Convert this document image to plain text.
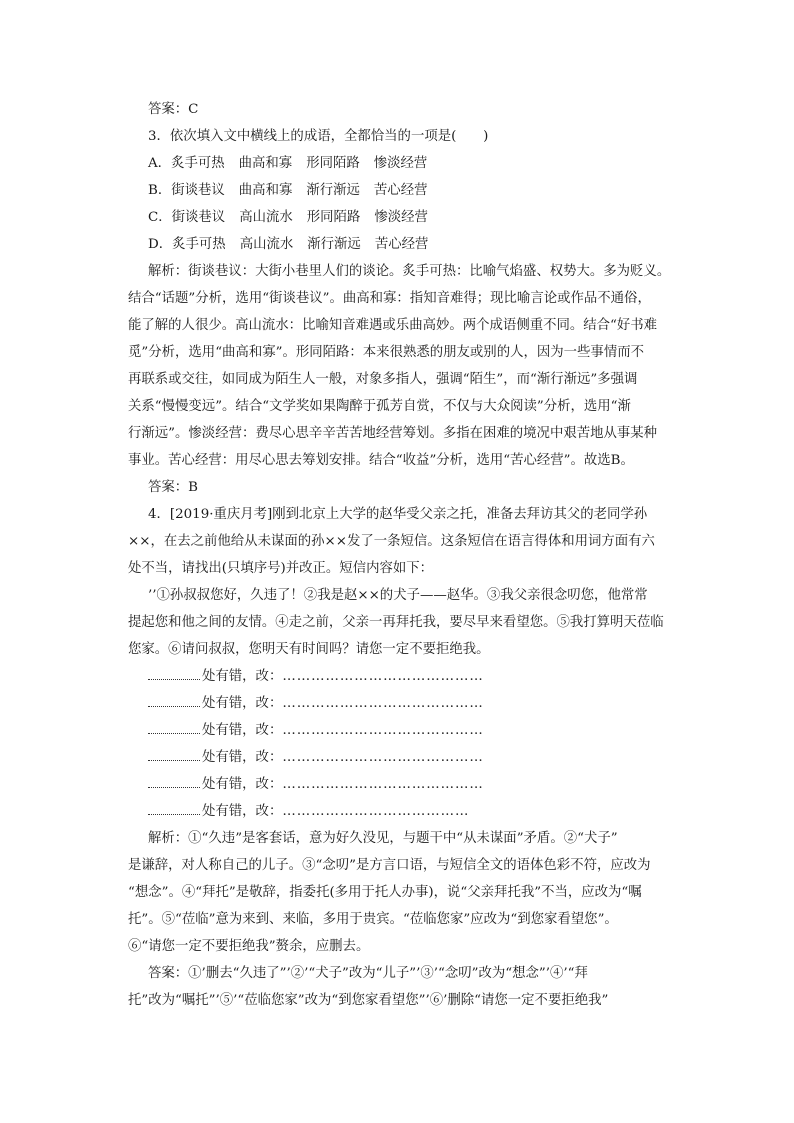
答案：C

3．依次填入文中横线上的成语，全都恰当的一项是(　　)

A．炙手可热 曲高和寡 形同陌路 惨淡经营

B．街谈巷议 曲高和寡 渐行渐远 苦心经营

C．街谈巷议 高山流水 形同陌路 惨淡经营

D．炙手可热 高山流水 渐行渐远 苦心经营

解析：街谈巷议：大街小巷里人们的谈论。炙手可热：比喻气焰盛、权势大。多为贬义。

结合“话题”分析，选用“街谈巷议”。曲高和寡：指知音难得；现比喻言论或作品不通俗，

能了解的人很少。高山流水：比喻知音难遇或乐曲高妙。两个成语侧重不同。结合“好书难

觅”分析，选用“曲高和寡”。形同陌路：本来很熟悉的朋友或别的人，因为一些事情而不

再联系或交往，如同成为陌生人一般，对象多指人，强调“陌生”，而“渐行渐远”多强调

关系“慢慢变远”。结合“文学奖如果陶醉于孤芳自赏，不仅与大众阅读”分析，选用“渐

行渐远”。惨淡经营：费尽心思辛辛苦苦地经营筹划。多指在困难的境况中艰苦地从事某种

事业。苦心经营：用尽心思去筹划安排。结合“收益”分析，选用“苦心经营”。故选B。

答案：B

4．[2019·重庆月考]刚到北京上大学的赵华受父亲之托，准备去拜访其父的老同学孙

××，在去之前他给从未谋面的孙××发了一条短信。这条短信在语言得体和用词方面有六

处不当，请找出(只填序号)并改正。短信内容如下：

’’①孙叔叔您好，久违了！②我是赵××的犬子——赵华。③我父亲很念叨您，他常常

提起您和他之间的友情。④走之前，父亲一再拜托我，要尽早来看望您。⑤我打算明天莅临

您家。⑥请问叔叔，您明天有时间吗？请您一定不要拒绝我。

处有错，改： ……………………………………
处有错，改： ……………………………………
处有错，改： ……………………………………
处有错，改： ……………………………………
处有错，改： ……………………………………
处有错，改： …………………………………

解析：①“久违”是客套话，意为好久没见，与题干中“从未谋面”矛盾。②“犬子”

是谦辞，对人称自己的儿子。③“念叨”是方言口语，与短信全文的语体色彩不符，应改为

“想念”。④“拜托”是敬辞，指委托(多用于托人办事)，说“父亲拜托我”不当，应改为“嘱

托”。⑤“莅临”意为来到、来临，多用于贵宾。“莅临您家”应改为“到您家看望您”。

⑥“请您一定不要拒绝我”赘余，应删去。

答案：①’删去“久违了”’②’“犬子”改为“儿子”’③’“念叨”改为“想念”’④’“拜

托”改为“嘱托”’⑤’“莅临您家”改为“到您家看望您”’⑥’删除“请您一定不要拒绝我”
